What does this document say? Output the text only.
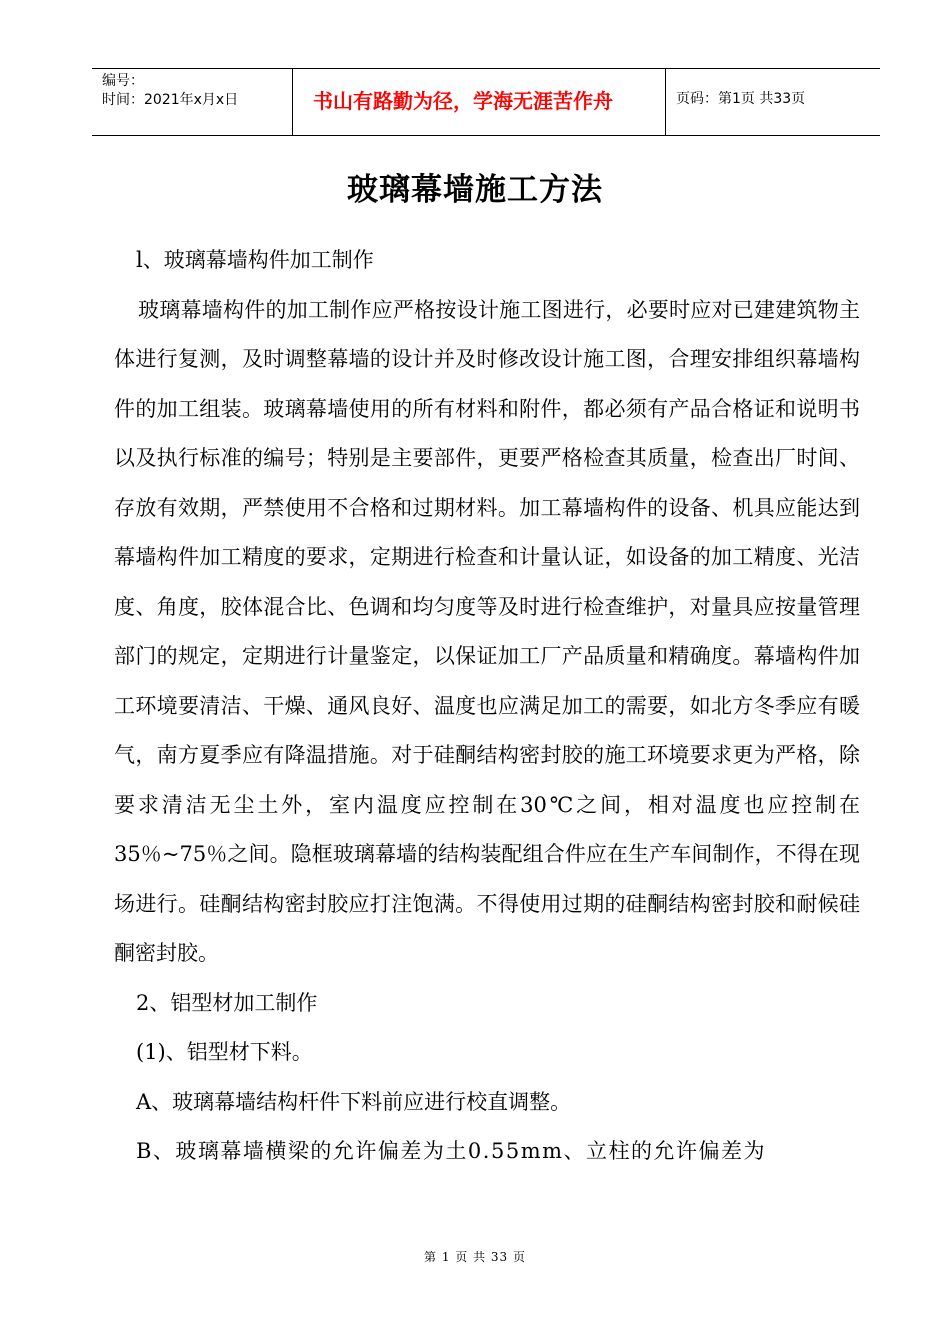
编号：
时间：2021年x月x日	书山有路勤为径，学海无涯苦作舟	页码：第1页 共33页
玻璃幕墙施工方法

l、玻璃幕墙构件加工制作

玻璃幕墙构件的加工制作应严格按设计施工图进行，必要时应对已建建筑物主体进行复测，及时调整幕墙的设计并及时修改设计施工图，合理安排组织幕墙构件的加工组装。玻璃幕墙使用的所有材料和附件，都必须有产品合格证和说明书以及执行标准的编号；特别是主要部件，更要严格检查其质量，检查出厂时间、存放有效期，严禁使用不合格和过期材料。加工幕墙构件的设备、机具应能达到幕墙构件加工精度的要求，定期进行检查和计量认证，如设备的加工精度、光洁度、角度，胶体混合比、色调和均匀度等及时进行检查维护，对量具应按量管理部门的规定，定期进行计量鉴定，以保证加工厂产品质量和精确度。幕墙构件加工环境要清洁、干燥、通风良好、温度也应满足加工的需要，如北方冬季应有暖气，南方夏季应有降温措施。对于硅酮结构密封胶的施工环境要求更为严格，除要求清洁无尘土外，室内温度应控制在30℃之间，相对温度也应控制在35％~75％之间。隐框玻璃幕墙的结构装配组合件应在生产车间制作，不得在现场进行。硅酮结构密封胶应打注饱满。不得使用过期的硅酮结构密封胶和耐候硅酮密封胶。

2、铝型材加工制作

(1)、铝型材下料。

A、玻璃幕墙结构杆件下料前应进行校直调整。

B、玻璃幕墙横梁的允许偏差为土0.55mm、立柱的允许偏差为

第 1 页 共 33 页
